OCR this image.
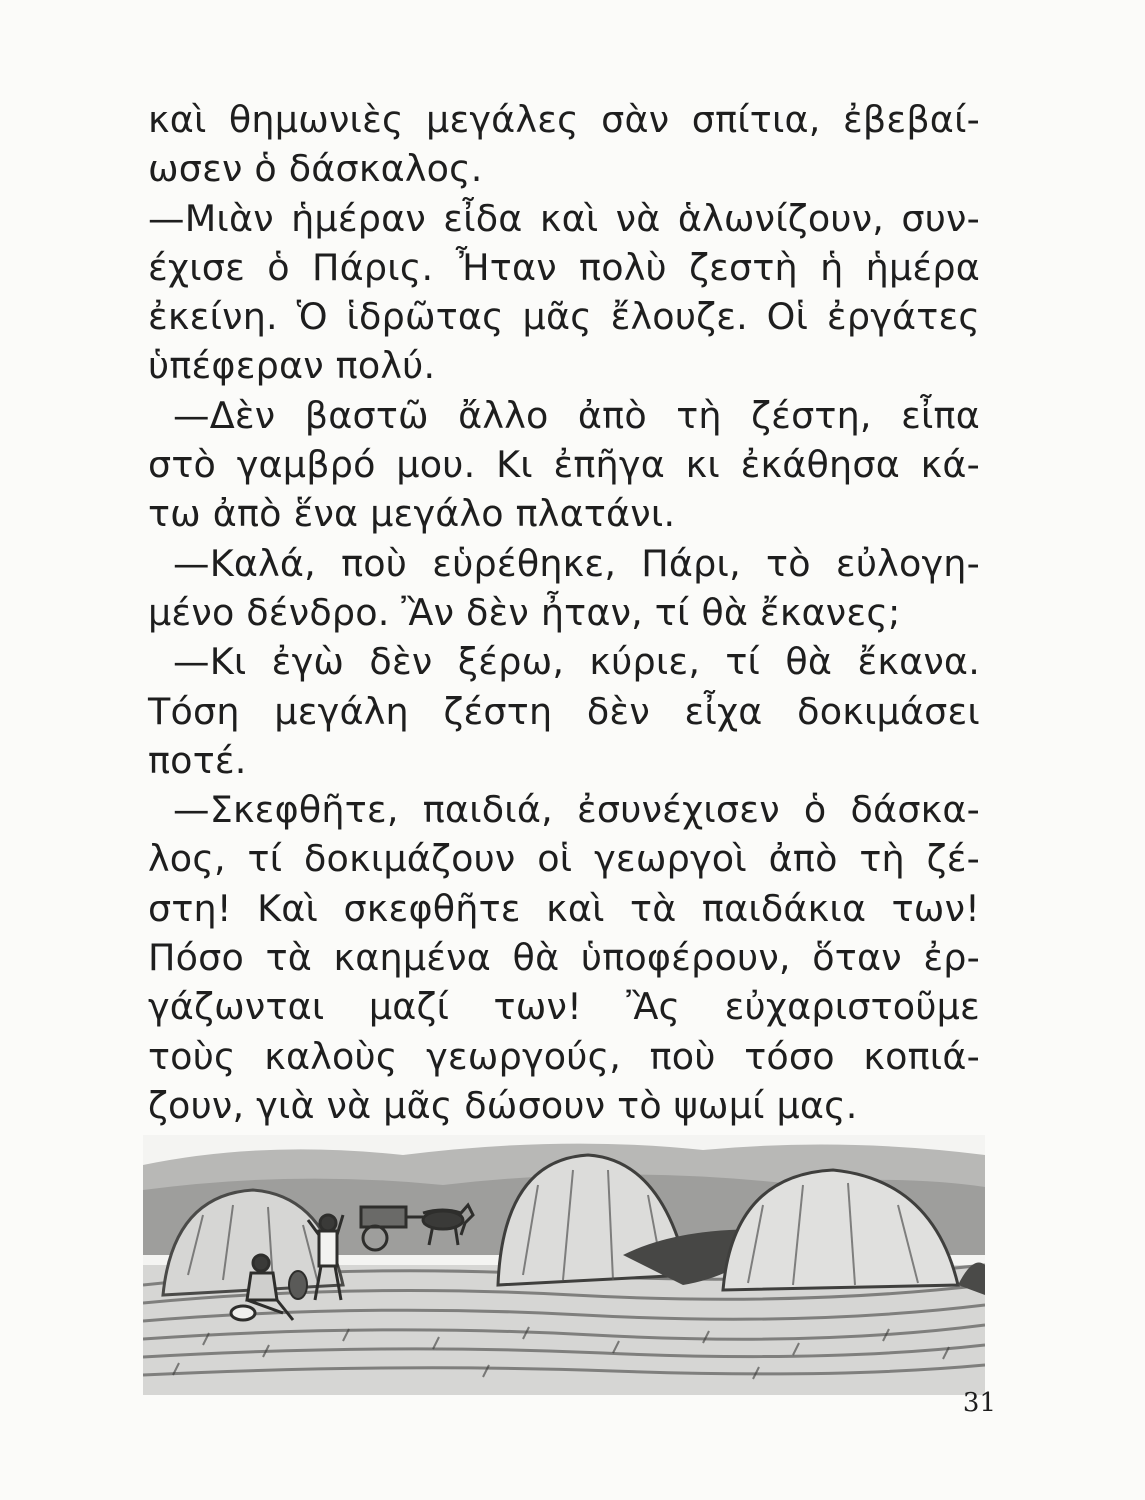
καὶ θημωνιὲς μεγάλες σὰν σπίτια, ἐβεβαί-
ωσεν ὁ δάσκαλος.
—Μιὰν ἡμέραν εἶδα καὶ νὰ ἁλωνίζουν, συν-
έχισε ὁ Πάρις. Ἦταν πολὺ ζεστὴ ἡ ἡμέρα
ἐκείνη. Ὁ ἱδρῶτας μᾶς ἔλουζε. Οἱ ἐργάτες
ὑπέφεραν πολύ.
—Δὲν βαστῶ ἄλλο ἀπὸ τὴ ζέστη, εἶπα
στὸ γαμβρό μου. Κι ἐπῆγα κι ἐκάθησα κά-
τω ἀπὸ ἕνα μεγάλο πλατάνι.
—Καλά, ποὺ εὑρέθηκε, Πάρι, τὸ εὐλογη-
μένο δένδρο. Ἂν δὲν ἦταν, τί θὰ ἔκανες;
—Κι ἐγὼ δὲν ξέρω, κύριε, τί θὰ ἔκανα.
Τόση μεγάλη ζέστη δὲν εἶχα δοκιμάσει
ποτέ.
—Σκεφθῆτε, παιδιά, ἐσυνέχισεν ὁ δάσκα-
λος, τί δοκιμάζουν οἱ γεωργοὶ ἀπὸ τὴ ζέ-
στη! Καὶ σκεφθῆτε καὶ τὰ παιδάκια των!
Πόσο τὰ καημένα θὰ ὑποφέρουν, ὅταν ἐρ-
γάζωνται μαζί των! Ἂς εὐχαριστοῦμε
τοὺς καλοὺς γεωργούς, ποὺ τόσο κοπιά-
ζουν, γιὰ νὰ μᾶς δώσουν τὸ ψωμί μας.
31
